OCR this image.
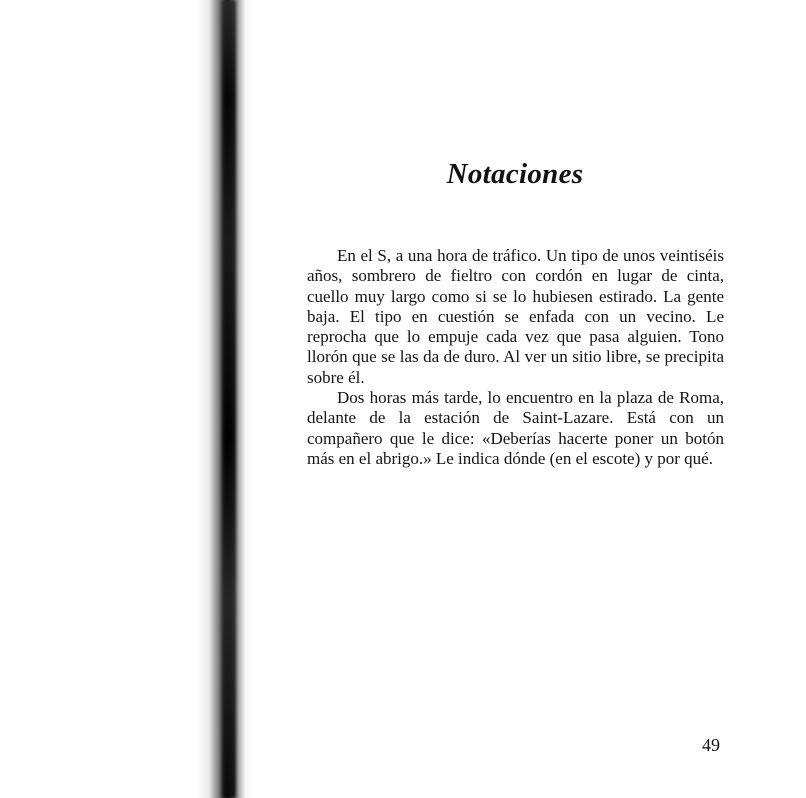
Notaciones

En el S, a una hora de tráfico. Un tipo de unos veintiséis años, sombrero de fieltro con cordón en lugar de cinta, cuello muy largo como si se lo hubiesen estirado. La gente baja. El tipo en cuestión se enfada con un vecino. Le reprocha que lo empuje cada vez que pasa alguien. Tono llorón que se las da de duro. Al ver un sitio libre, se precipita sobre él.

Dos horas más tarde, lo encuentro en la plaza de Roma, delante de la estación de Saint-Lazare. Está con un compañero que le dice: «Deberías hacerte poner un botón más en el abrigo.» Le indica dónde (en el escote) y por qué.

49
